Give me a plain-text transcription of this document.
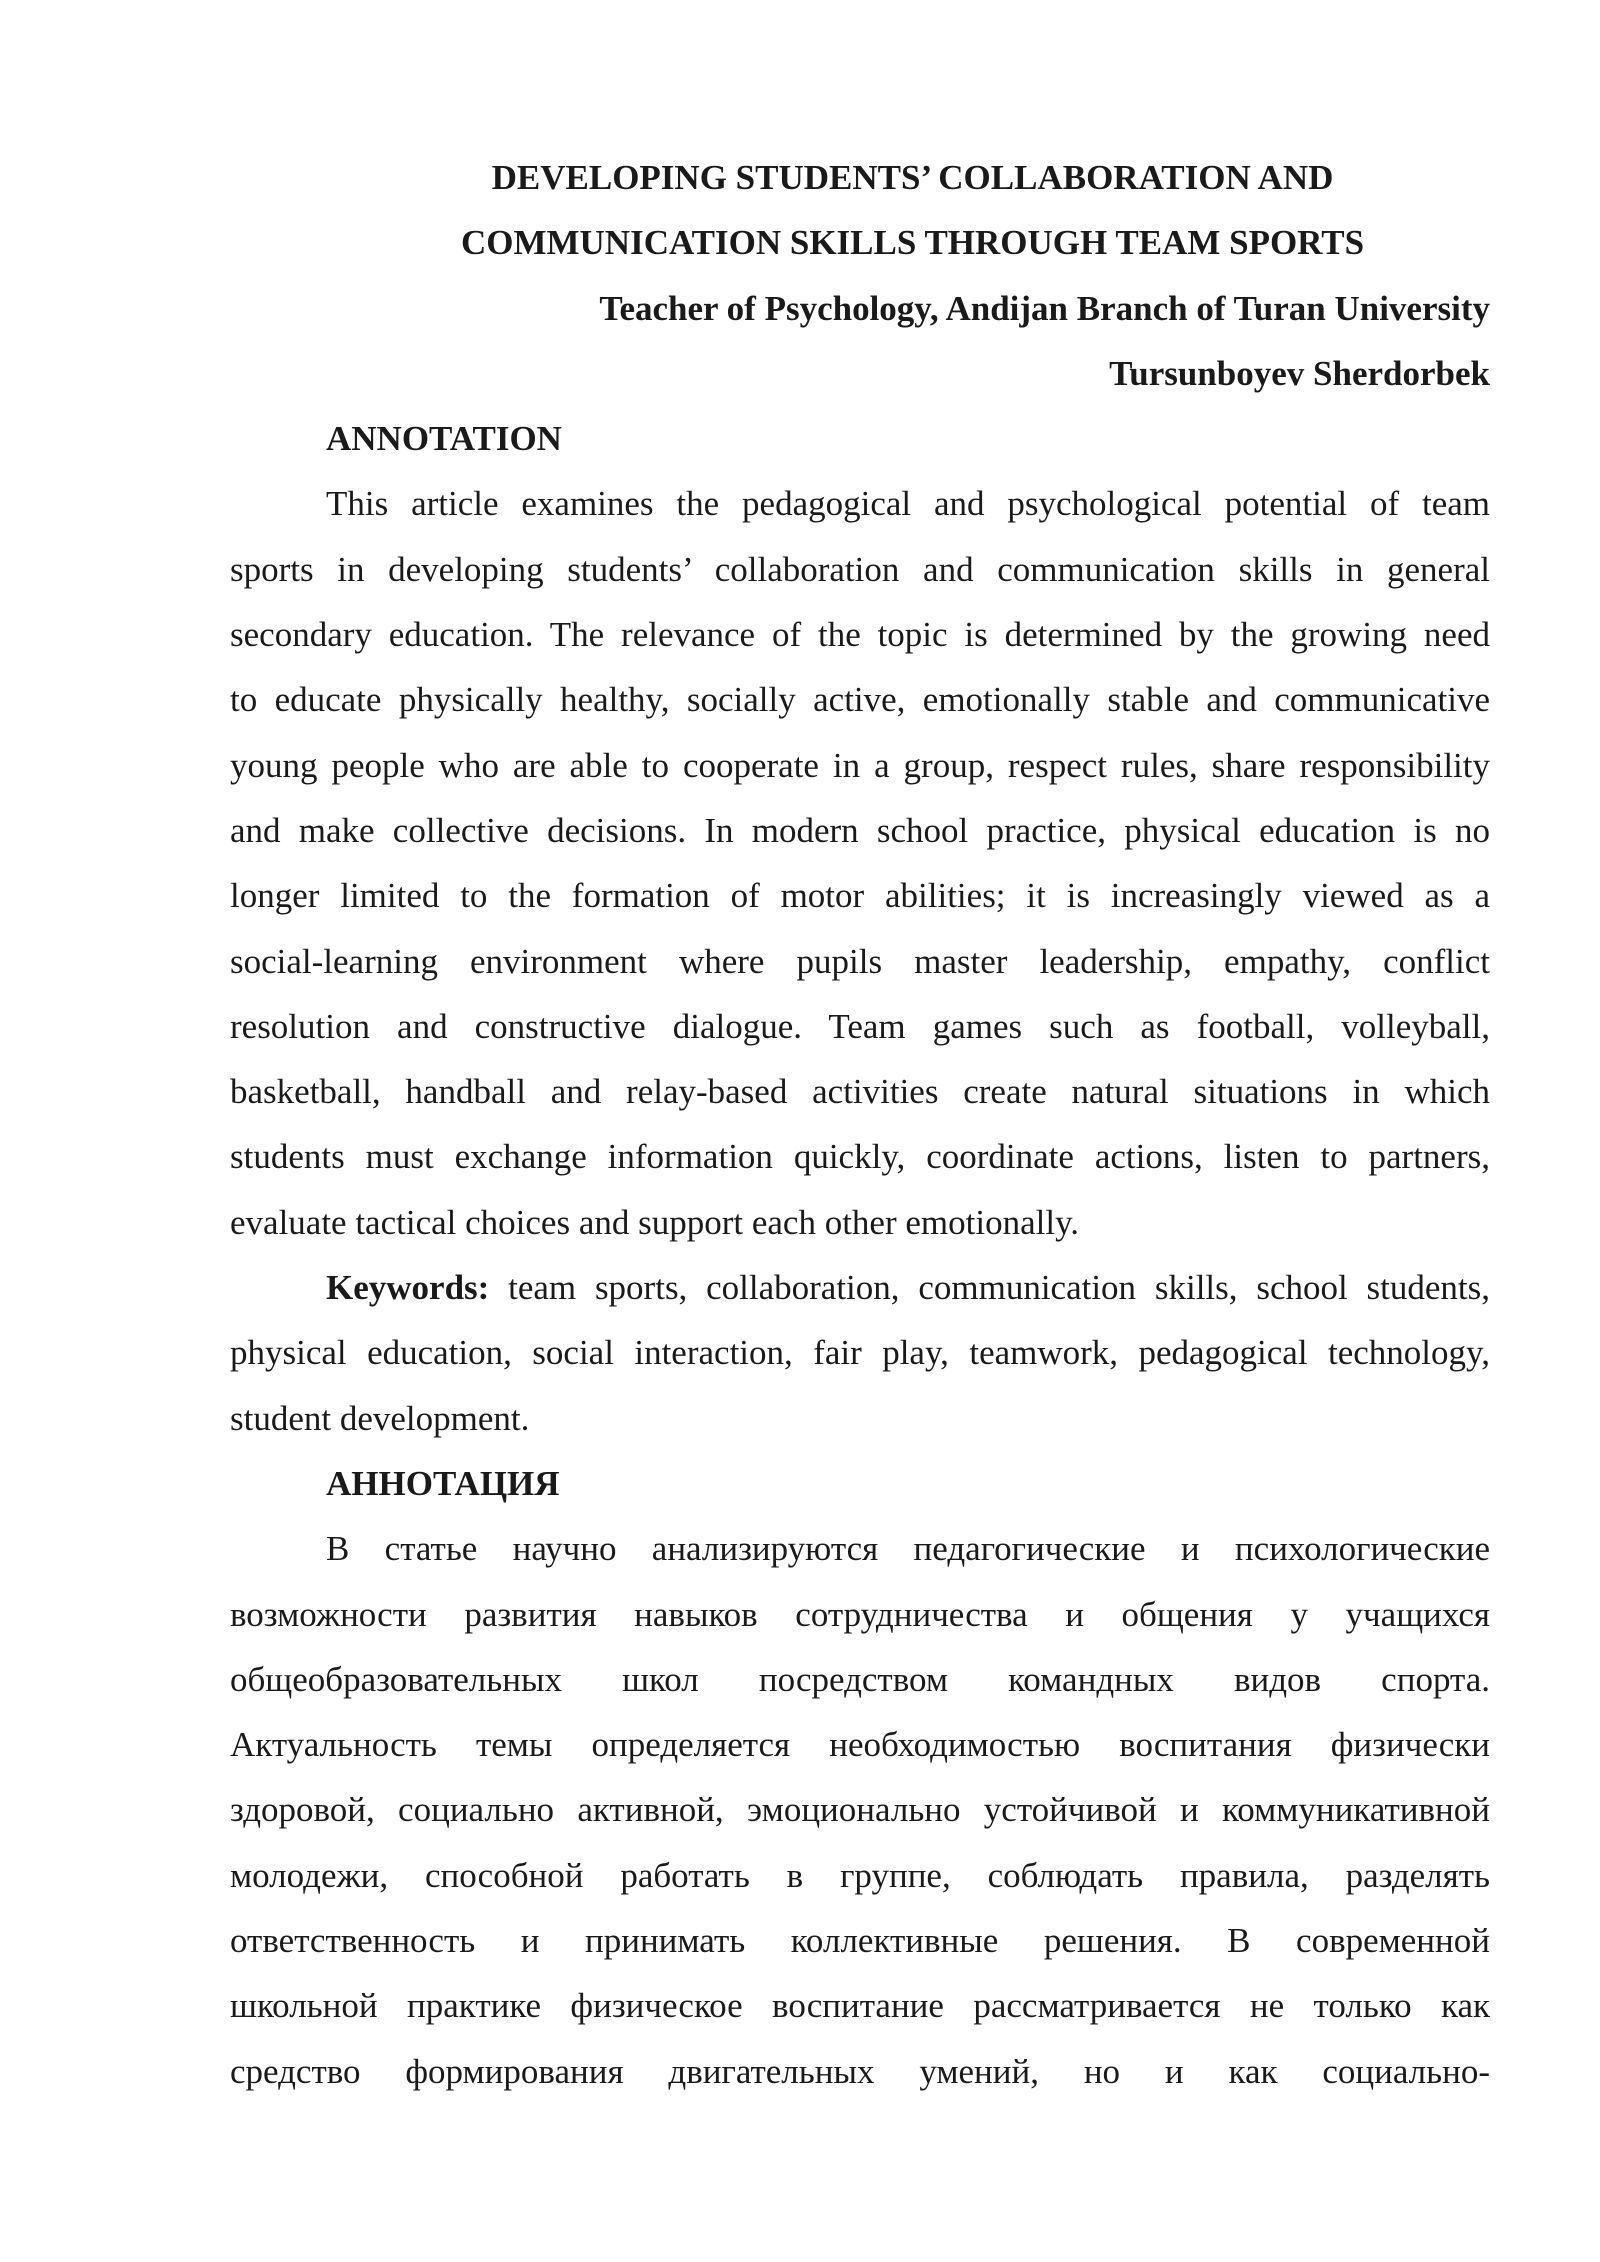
DEVELOPING STUDENTS’ COLLABORATION AND
COMMUNICATION SKILLS THROUGH TEAM SPORTS

Teacher of Psychology, Andijan Branch of Turan University

Tursunboyev Sherdorbek

ANNOTATION
This article examines the pedagogical and psychological potential of team
sports in developing students’ collaboration and communication skills in general
secondary education. The relevance of the topic is determined by the growing need
to educate physically healthy, socially active, emotionally stable and communicative
young people who are able to cooperate in a group, respect rules, share responsibility
and make collective decisions. In modern school practice, physical education is no
longer limited to the formation of motor abilities; it is increasingly viewed as a
social-learning environment where pupils master leadership, empathy, conflict
resolution and constructive dialogue. Team games such as football, volleyball,
basketball, handball and relay-based activities create natural situations in which
students must exchange information quickly, coordinate actions, listen to partners,
evaluate tactical choices and support each other emotionally.
Keywords: team sports, collaboration, communication skills, school students,
physical education, social interaction, fair play, teamwork, pedagogical technology,
student development.
АННОТАЦИЯ
В статье научно анализируются педагогические и психологические
возможности развития навыков сотрудничества и общения у учащихся
общеобразовательных школ посредством командных видов спорта.
Актуальность темы определяется необходимостью воспитания физически
здоровой, социально активной, эмоционально устойчивой и коммуникативной
молодежи, способной работать в группе, соблюдать правила, разделять
ответственность и принимать коллективные решения. В современной
школьной практике физическое воспитание рассматривается не только как
средство формирования двигательных умений, но и как социально-
